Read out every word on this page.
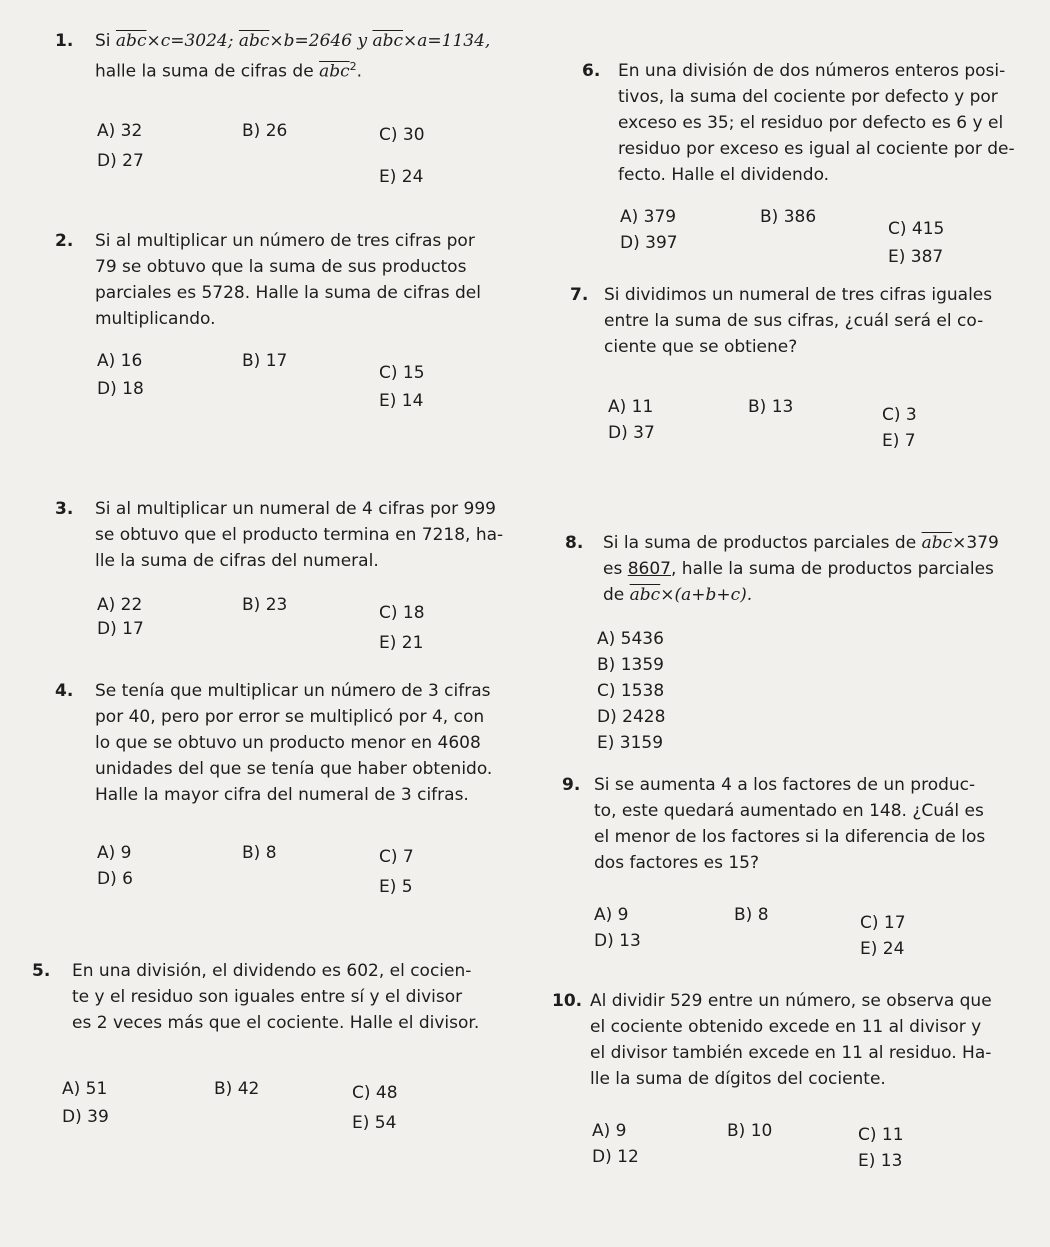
1. Si $\overline{abc}\times c=3024$; $\overline{abc}\times b=2646$ y $\overline{abc}\times a=1134$,
halle la suma de cifras de $\overline{abc}^2$.
A) 32	B) 26	C) 30
D) 27
E) 24
2. Si al multiplicar un número de tres cifras por
79 se obtuvo que la suma de sus productos
parciales es 5728. Halle la suma de cifras del
multiplicando.
A) 16	B) 17
C) 15
D) 18
E) 14
3. Si al multiplicar un numeral de 4 cifras por 999
se obtuvo que el producto termina en 7218, ha-
lle la suma de cifras del numeral.
A) 22	B) 23	C) 18
D) 17
E) 21
4. Se tenía que multiplicar un número de 3 cifras
por 40, pero por error se multiplicó por 4, con
lo que se obtuvo un producto menor en 4608
unidades del que se tenía que haber obtenido.
Halle la mayor cifra del numeral de 3 cifras.
A) 9	B) 8	C) 7
D) 6	E) 5
5. En una división, el dividendo es 602, el cocien-
te y el residuo son iguales entre sí y el divisor
es 2 veces más que el cociente. Halle el divisor.
A) 51	B) 42	C) 48
D) 39	E) 54
6. En una división de dos números enteros posi-
tivos, la suma del cociente por defecto y por
exceso es 35; el residuo por defecto es 6 y el
residuo por exceso es igual al cociente por de-
fecto. Halle el dividendo.
A) 379	B) 386
C) 415
D) 397
E) 387
7. Si dividimos un numeral de tres cifras iguales
entre la suma de sus cifras, ¿cuál será el co-
ciente que se obtiene?
A) 11	B) 13	C) 3
D) 37	E) 7
8. Si la suma de productos parciales de $\overline{abc}\times 379$
es 8607, halle la suma de productos parciales
de $\overline{abc}\times(a+b+c)$.
A) 5436
B) 1359
C) 1538
D) 2428
E) 3159
9. Si se aumenta 4 a los factores de un produc-
to, este quedará aumentado en 148. ¿Cuál es
el menor de los factores si la diferencia de los
dos factores es 15?
A) 9	B) 8	C) 17
D) 13	E) 24
10. Al dividir 529 entre un número, se observa que
el cociente obtenido excede en 11 al divisor y
el divisor también excede en 11 al residuo. Ha-
lle la suma de dígitos del cociente.
A) 9	B) 10	C) 11
D) 12	E) 13
